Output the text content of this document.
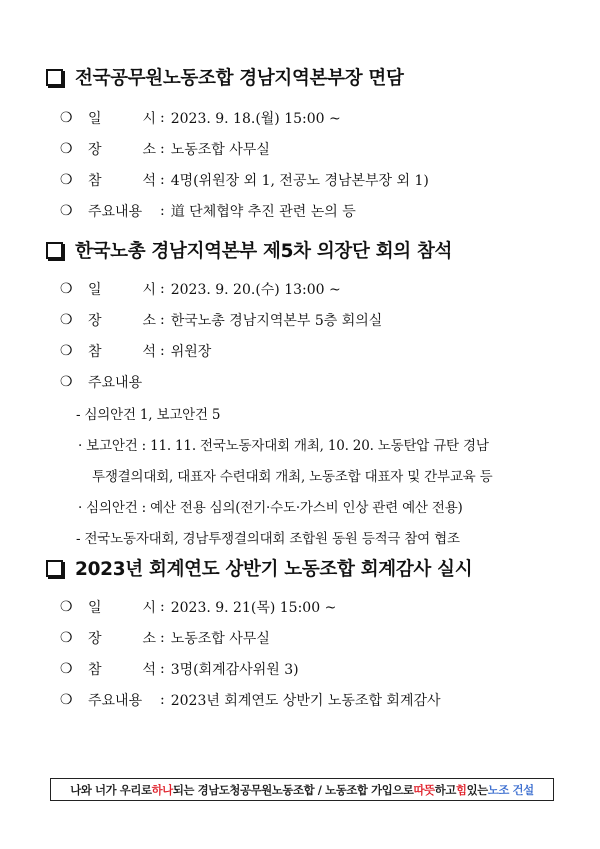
전국공무원노동조합 경남지역본부장 면담
❍	일	시 : 2023. 9. 18.(월) 15:00 ~
❍	장	소 : 노동조합 사무실
❍	참	석 : 4명(위원장 외 1, 전공노 경남본부장 외 1)
❍	주요내용	: 道 단체협약 추진 관련 논의 등
한국노총 경남지역본부 제5차 의장단 회의 참석
❍	일	시 : 2023. 9. 20.(수) 13:00 ~
❍	장	소 : 한국노총 경남지역본부 5층 회의실
❍	참	석 : 위원장
❍	주요내용
- 심의안건 1, 보고안건 5
· 보고안건 : 11. 11. 전국노동자대회 개최, 10. 20. 노동탄압 규탄 경남
투쟁결의대회, 대표자 수련대회 개최, 노동조합 대표자 및 간부교육 등
· 심의안건 : 예산 전용 심의(전기·수도·가스비 인상 관련 예산 전용)
- 전국노동자대회, 경남투쟁결의대회 조합원 동원 등적극 참여 협조
2023년 회계연도 상반기 노동조합 회계감사 실시
❍	일	시 : 2023. 9. 21(목) 15:00 ~
❍	장	소 : 노동조합 사무실
❍	참	석 : 3명(회계감사위원 3)
❍	주요내용	: 2023년 회계연도 상반기 노동조합 회계감사
나와 너가 우리로 하나 되는 경남도청공무원노동조합 / 노동조합 가입으로 따뜻 하고 힘 있는 노조 건설
